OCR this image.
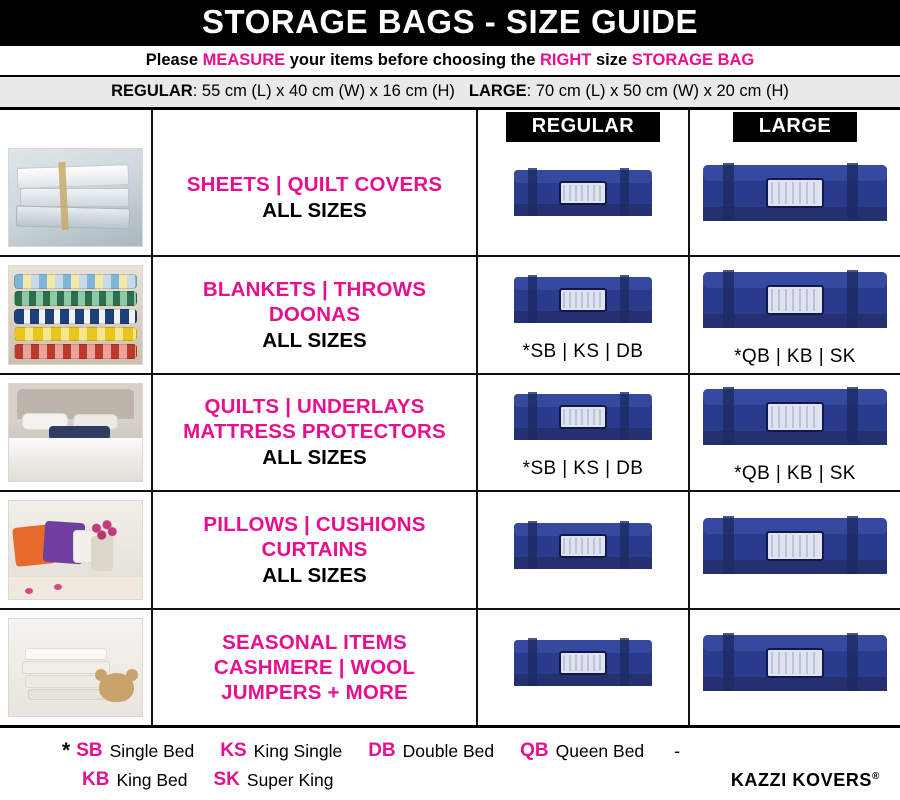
STORAGE BAGS - SIZE GUIDE
Please MEASURE your items before choosing the RIGHT size STORAGE BAG
REGULAR: 55 cm (L) x 40 cm (W) x 16 cm (H) LARGE: 70 cm (L) x 50 cm (W) x 20 cm (H)
REGULAR	LARGE
SHEETS | QUILT COVERS
ALL SIZES
BLANKETS | THROWS
DOONAS
ALL SIZES	*SB | KS | DB	*QB | KB | SK
QUILTS | UNDERLAYS
MATTRESS PROTECTORS
ALL SIZES	*SB | KS | DB	*QB | KB | SK
PILLOWS | CUSHIONS
CURTAINS
ALL SIZES
SEASONAL ITEMS
CASHMERE | WOOL
JUMPERS + MORE
* SB Single Bed KS King Single DB Double Bed QB Queen Bed -
KB King Bed SK Super King	KAZZI KOVERS®
